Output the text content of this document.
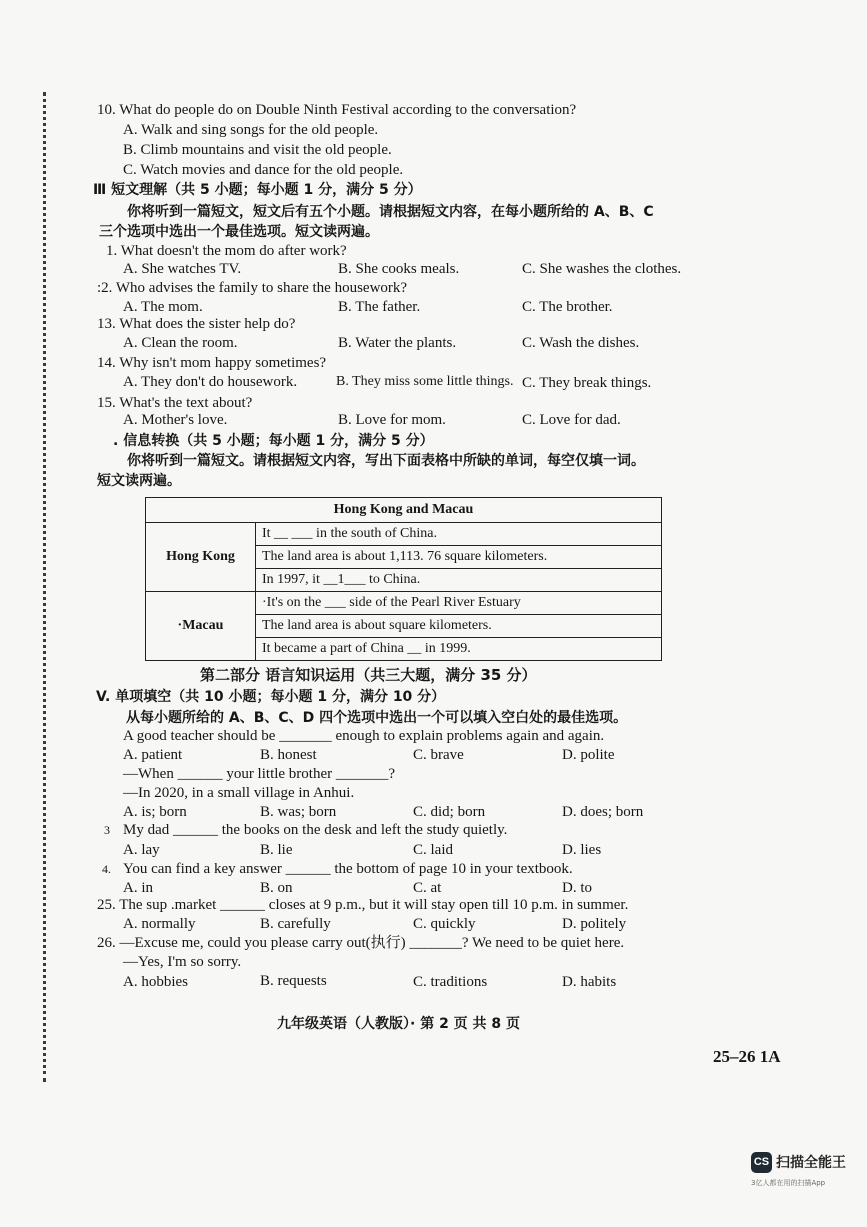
10. What do people do on Double Ninth Festival according to the conversation?
A. Walk and sing songs for the old people.
B. Climb mountains and visit the old people.
C. Watch movies and dance for the old people.
Ⅲ 短文理解（共 5 小题；每小题 1 分，满分 5 分）
你将听到一篇短文，短文后有五个小题。请根据短文内容，在每小题所给的 A、B、C
三个选项中选出一个最佳选项。短文读两遍。
1. What doesn't the mom do after work?
A. She watches TV.	B. She cooks meals.	C. She washes the clothes.
:2. Who advises the family to share the housework?
A. The mom.	B. The father.	C. The brother.
13. What does the sister help do?
A. Clean the room.	B. Water the plants.	C. Wash the dishes.
14. Why isn't mom happy sometimes?
A. They don't do housework.	B. They miss some little things. C. They break things.
15. What's the text about?
A. Mother's love.	B. Love for mom.	C. Love for dad.
. 信息转换（共 5 小题；每小题 1 分，满分 5 分）
你将听到一篇短文。请根据短文内容，写出下面表格中所缺的单词，每空仅填一词。
短文读两遍。
Hong Kong and Macau	
Hong Kong	It __ ___ in the south of China.
	The land area is about 1,113. 76 square kilometers.
	In 1997, it __1___ to China.
·Macau	·It's on the ___ side of the Pearl River Estuary
	The land area is about square kilometers.
	It became a part of China __ in 1999.
第二部分 语言知识运用（共三大题，满分 35 分）
V. 单项填空（共 10 小题；每小题 1 分，满分 10 分）
从每小题所给的 A、B、C、D 四个选项中选出一个可以填入空白处的最佳选项。
A good teacher should be _______ enough to explain problems again and again.
A. patient	B. honest	C. brave	D. polite
—When ______ your little brother _______?
—In 2020, in a small village in Anhui.
A. is; born	B. was; born	C. did; born	D. does; born
3 My dad ______ the books on the desk and left the study quietly.
A. lay	B. lie	C. laid	D. lies
4. You can find a key answer ______ the bottom of page 10 in your textbook.
A. in	B. on	C. at	D. to
25. The sup .market ______ closes at 9 p.m., but it will stay open till 10 p.m. in summer.
A. normally	B. carefully	C. quickly	D. politely
26. —Excuse me, could you please carry out(执行) _______? We need to be quiet here.
—Yes, I'm so sorry.
A. hobbies	B. requests	C. traditions	D. habits
九年级英语（人教版）· 第 2 页 共 8 页
25–26 1A
CS 扫描全能王
3亿人都在用的扫描App
